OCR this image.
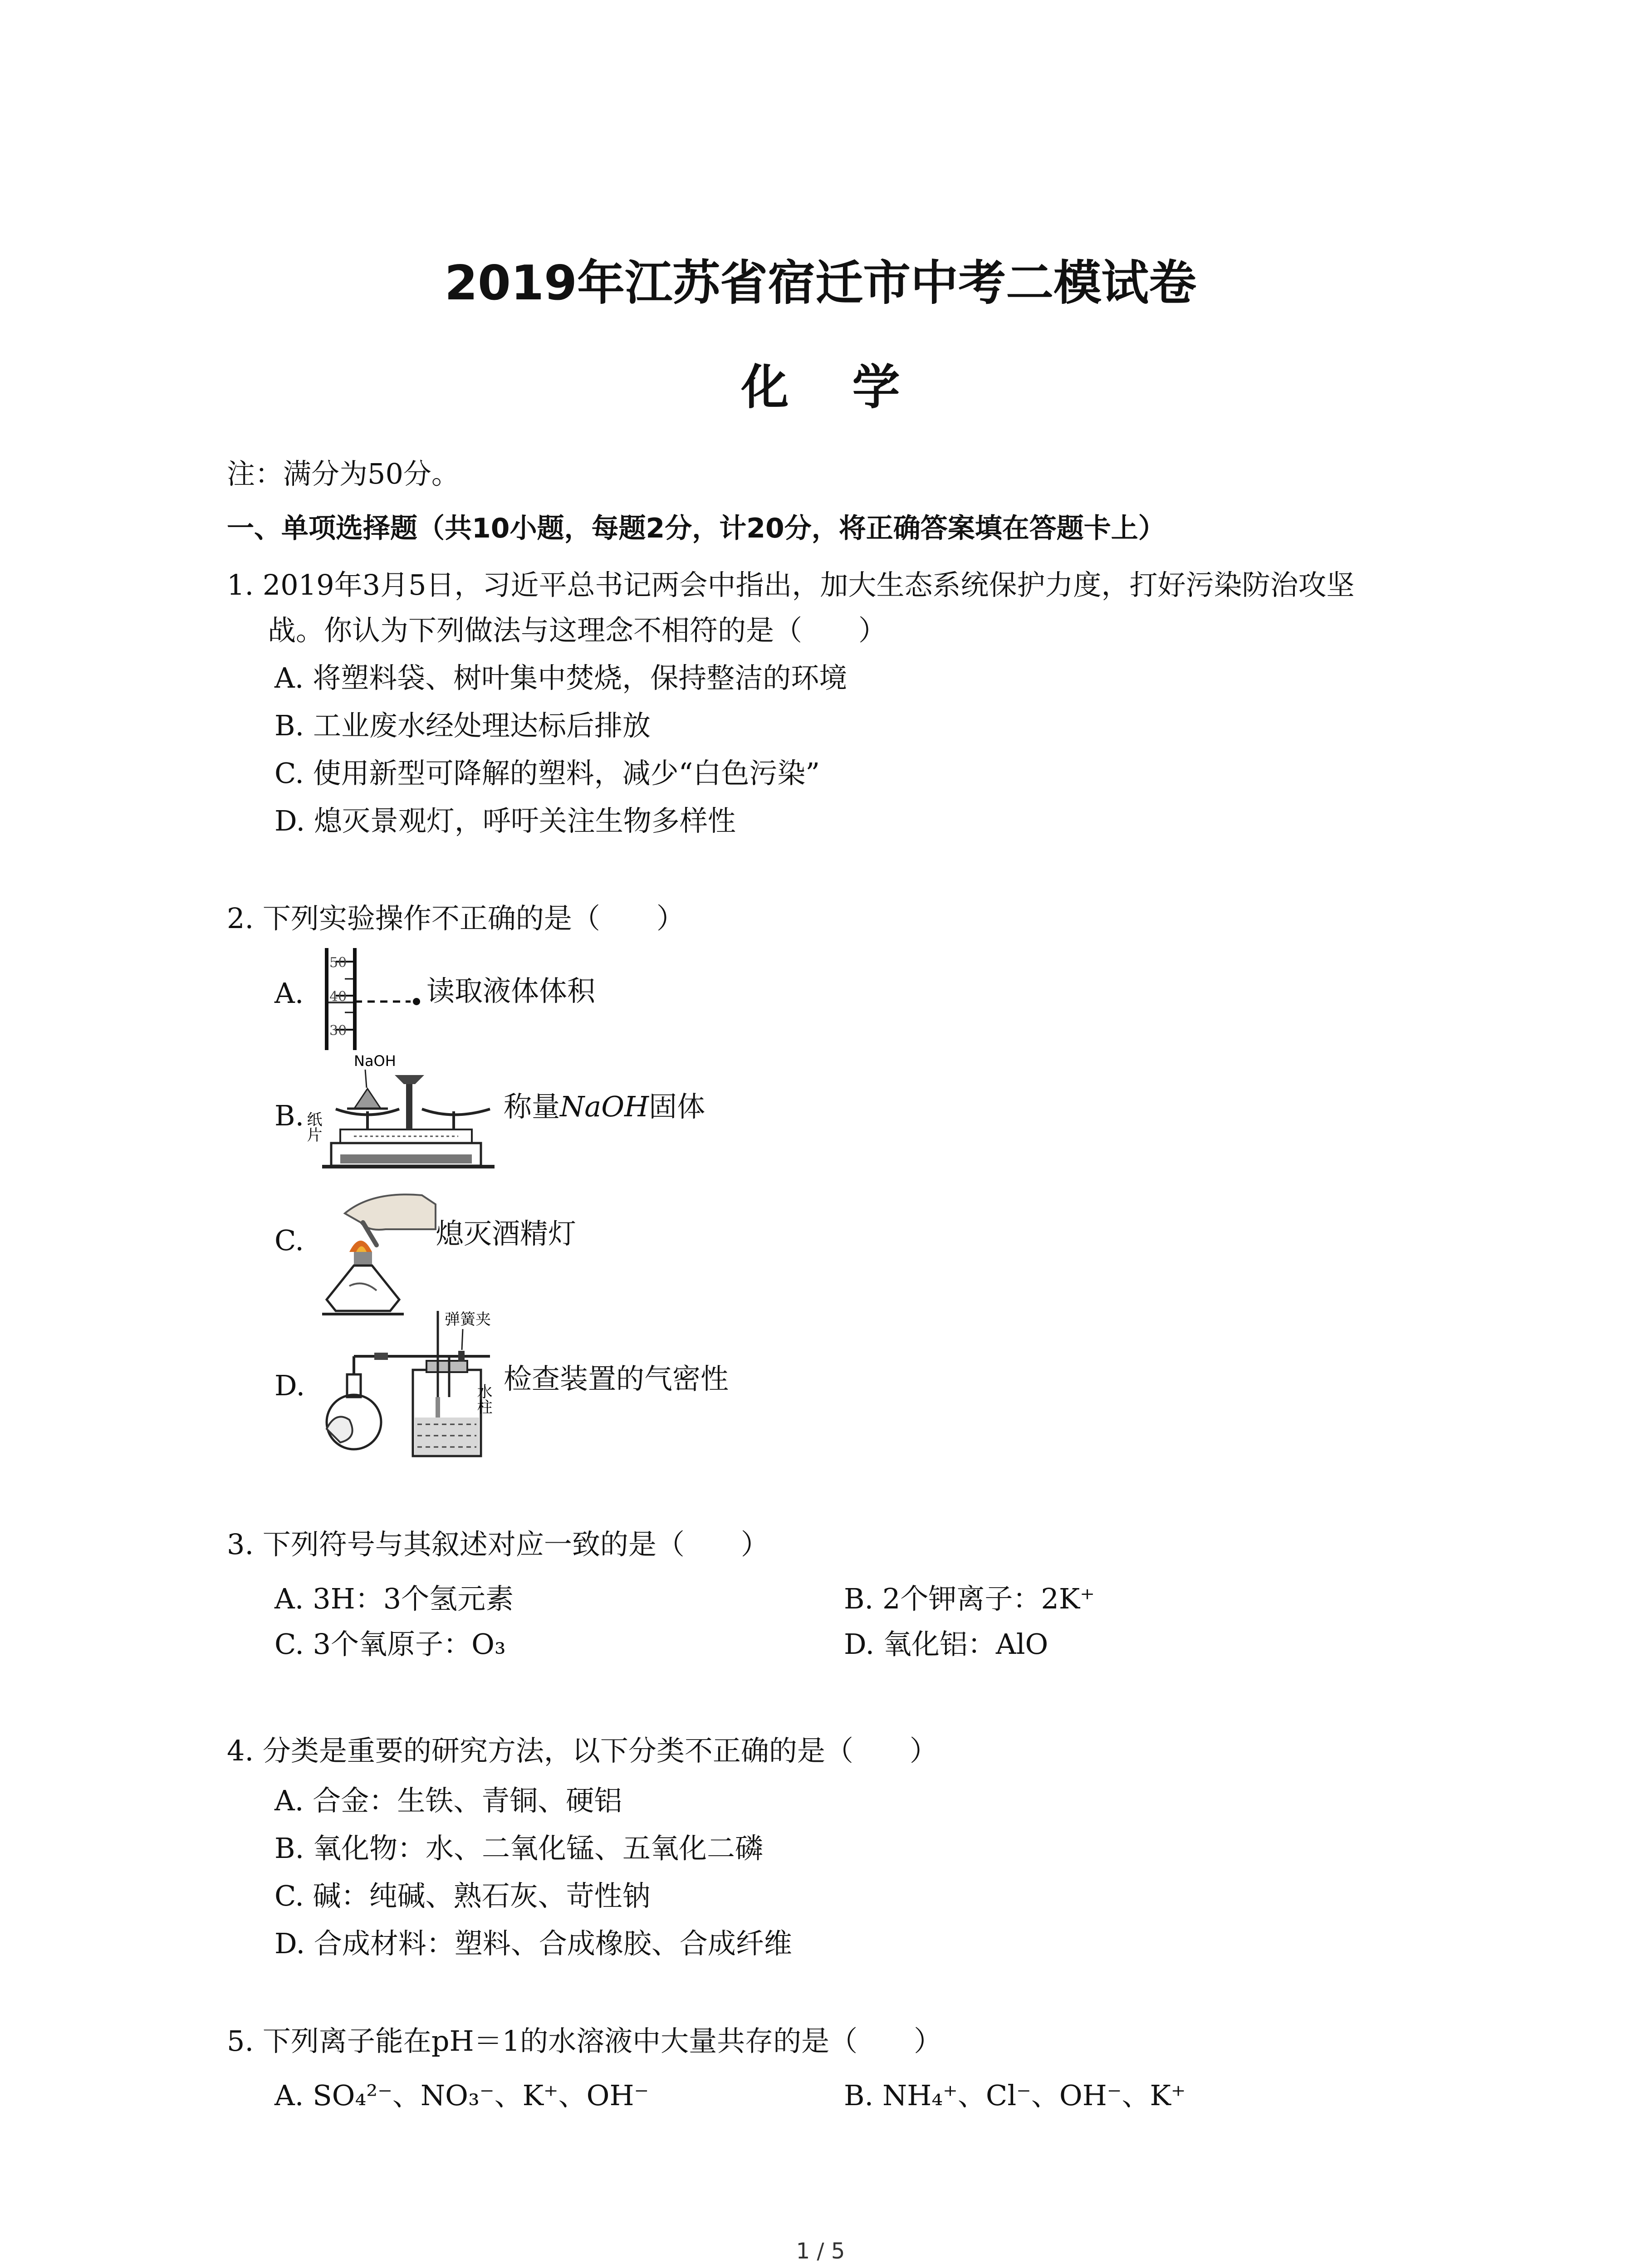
2019年江苏省宿迁市中考二模试卷
化学
注：满分为50分。
一、单项选择题（共10小题，每题2分，计20分，将正确答案填在答题卡上）
1. 2019年3月5日，习近平总书记两会中指出，加大生态系统保护力度，打好污染防治攻坚
战。你认为下列做法与这理念不相符的是（　　）
A. 将塑料袋、树叶集中焚烧，保持整洁的环境
B. 工业废水经处理达标后排放
C. 使用新型可降解的塑料，减少“白色污染”
D. 熄灭景观灯，呼吁关注生物多样性
2. 下列实验操作不正确的是（　　）
A.
50
40
30
读取液体体积
B.
NaOH
纸片
称量NaOH固体
C.	熄灭酒精灯
D.
弹簧夹
水柱
检查装置的气密性
3. 下列符号与其叙述对应一致的是（　　）
A. 3H：3个氢元素	B. 2个钾离子：2K⁺
C. 3个氧原子：O₃	D. 氧化铝：AlO
4. 分类是重要的研究方法，以下分类不正确的是（　　）
A. 合金：生铁、青铜、硬铝
B. 氧化物：水、二氧化锰、五氧化二磷
C. 碱：纯碱、熟石灰、苛性钠
D. 合成材料：塑料、合成橡胶、合成纤维
5. 下列离子能在pH＝1的水溶液中大量共存的是（　　）
A. SO₄²⁻、NO₃⁻、K⁺、OH⁻	B. NH₄⁺、Cl⁻、OH⁻、K⁺
1 / 5
